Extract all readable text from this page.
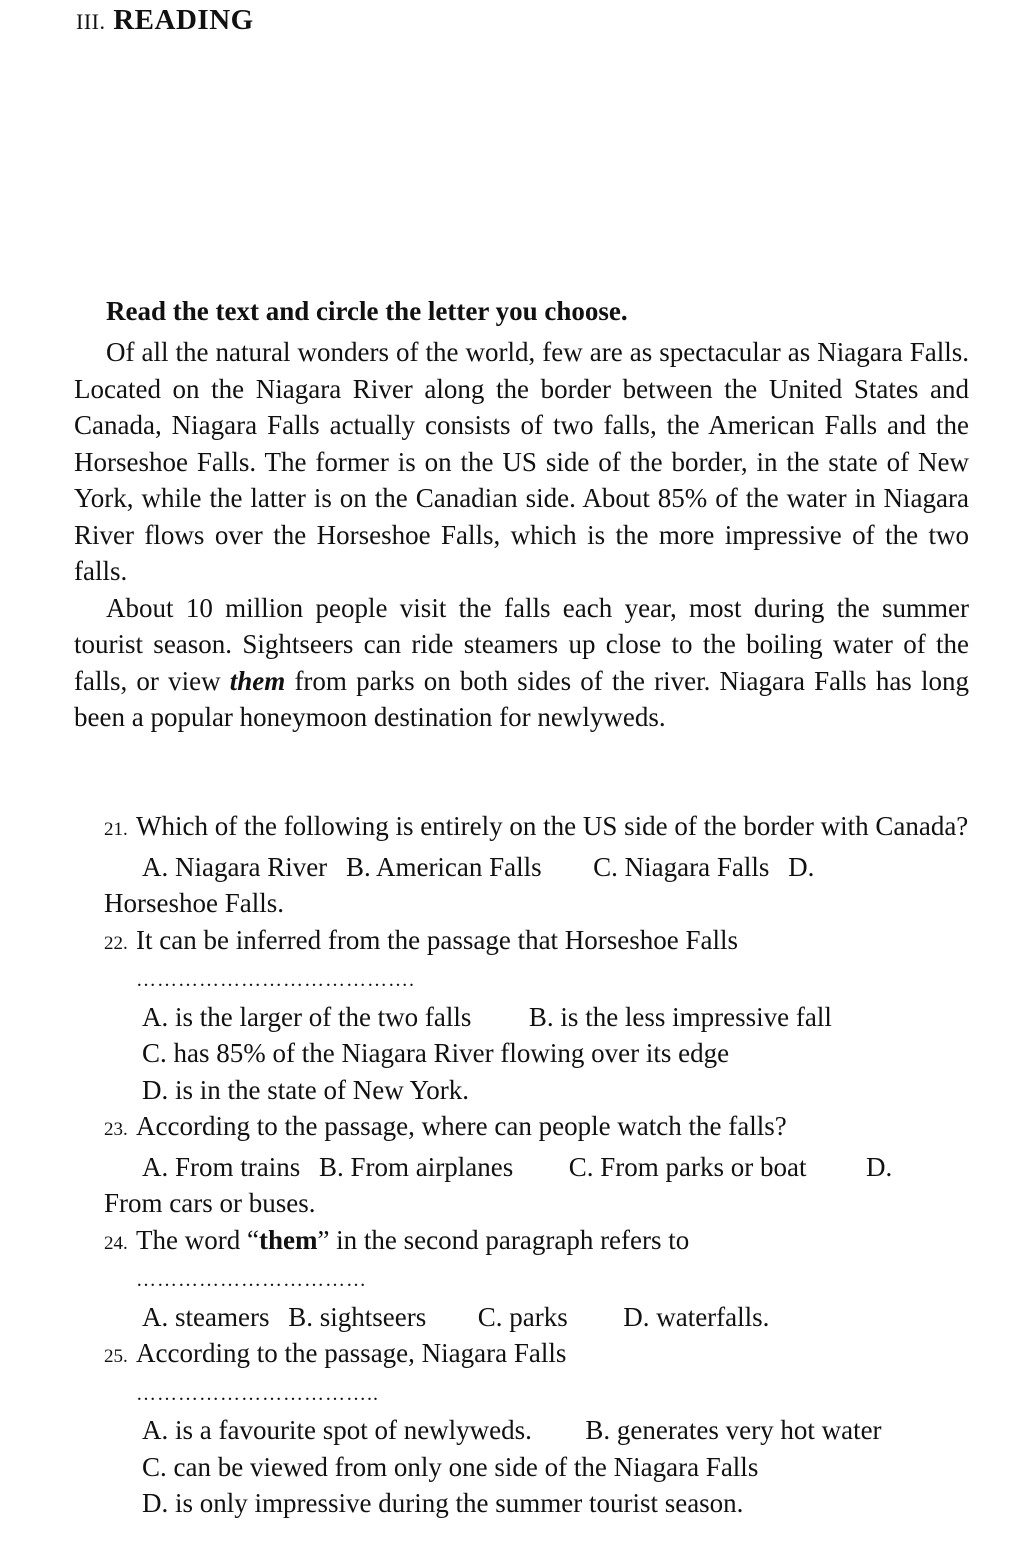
III. READING
Read the text and circle the letter you choose.

Of all the natural wonders of the world, few are as spectacular as Niagara Falls. Located on the Niagara River along the border between the United States and Canada, Niagara Falls actually consists of two falls, the American Falls and the Horseshoe Falls. The former is on the US side of the border, in the state of New York, while the latter is on the Canadian side. About 85% of the water in Niagara River flows over the Horseshoe Falls, which is the more impressive of the two falls.

About 10 million people visit the falls each year, most during the summer tourist season. Sightseers can ride steamers up close to the boiling water of the falls, or view them from parks on both sides of the river. Niagara Falls has long been a popular honeymoon destination for newlyweds.

21. Which of the following is entirely on the US side of the border with Canada?
A. Niagara River B. American Falls C. Niagara Falls D.
Horseshoe Falls.
22. It can be inferred from the passage that Horseshoe Falls
………………………………….
A. is the larger of the two falls B. is the less impressive fall
C. has 85% of the Niagara River flowing over its edge
D. is in the state of New York.
23. According to the passage, where can people watch the falls?
A. From trains B. From airplanes C. From parks or boat D.
From cars or buses.
24. The word “them” in the second paragraph refers to
……………………………
A. steamers B. sightseers C. parks D. waterfalls.
25. According to the passage, Niagara Falls
……………………………..
A. is a favourite spot of newlyweds. B. generates very hot water
C. can be viewed from only one side of the Niagara Falls
D. is only impressive during the summer tourist season.
